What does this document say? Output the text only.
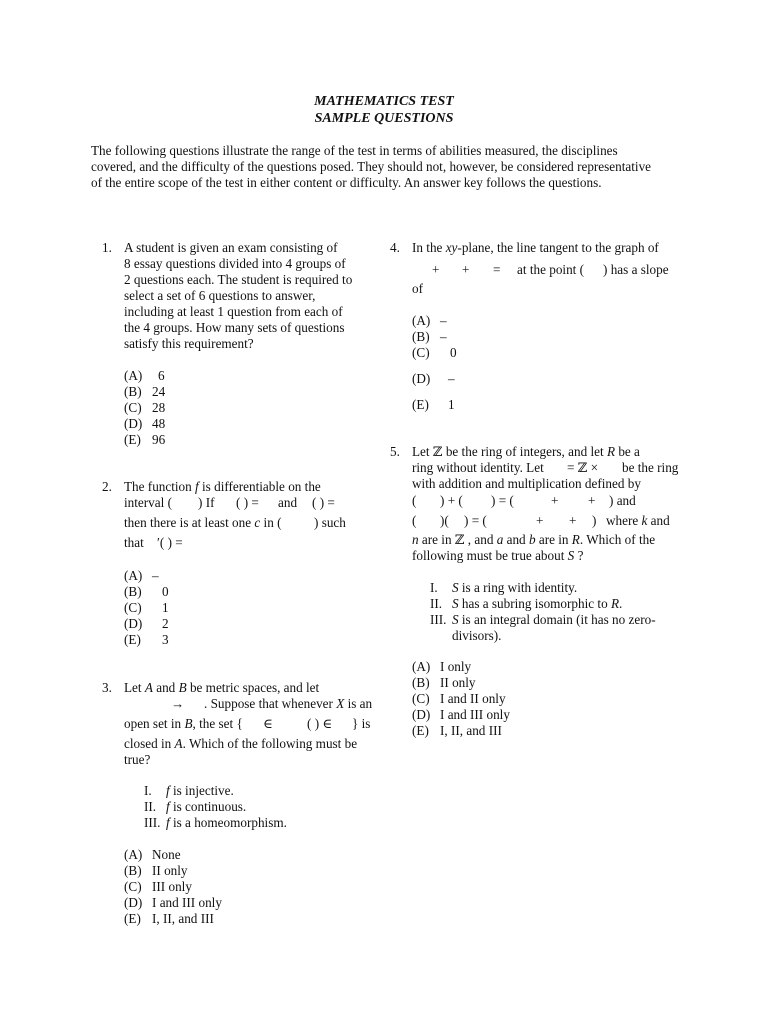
MATHEMATICS TEST
SAMPLE QUESTIONS
The following questions illustrate the range of the test in terms of abilities measured, the disciplines covered, and the difficulty of the questions posed. They should not, however, be considered representative of the entire scope of the test in either content or difficulty. An answer key follows the questions.
1. A student is given an exam consisting of
8 essay questions divided into 4 groups of
2 questions each. The student is required to
select a set of 6 questions to answer,
including at least 1 question from each of
the 4 groups. How many sets of questions
satisfy this requirement?
(A) 6
(B) 24
(C) 28
(D) 48
(E) 96
2. The function f is differentiable on the
interval ( ) If ( ) = and ( ) =
then there is at least one c in ( ) such
that ′( ) =
(A) –
(B) 0
(C) 1
(D) 2
(E) 3
3. Let A and B be metric spaces, and let
→ . Suppose that whenever X is an
open set in B, the set { ∈	( ) ∈ } is
closed in A. Which of the following must be
true?
I. f is injective.
II. f is continuous.
III. f is a homeomorphism.
(A) None
(B) II only
(C) III only
(D) I and III only
(E) I, II, and III
4. In the xy-plane, the line tangent to the graph of
+ + = at the point ( ) has a slope
of
(A) –
(B) –
(C) 0
(D) –
(E) 1
5. Let ℤ be the ring of integers, and let R be a
ring without identity. Let = ℤ × be the ring
with addition and multiplication defined by
( ) + ( ) = (	+ + ) and
( )( ) = (	+ + ) where k and
n are in ℤ , and a and b are in R. Which of the
following must be true about S ?
I. S is a ring with identity.
II. S has a subring isomorphic to R.
III. S is an integral domain (it has no zero-
divisors).
(A) I only
(B) II only
(C) I and II only
(D) I and III only
(E) I, II, and III
